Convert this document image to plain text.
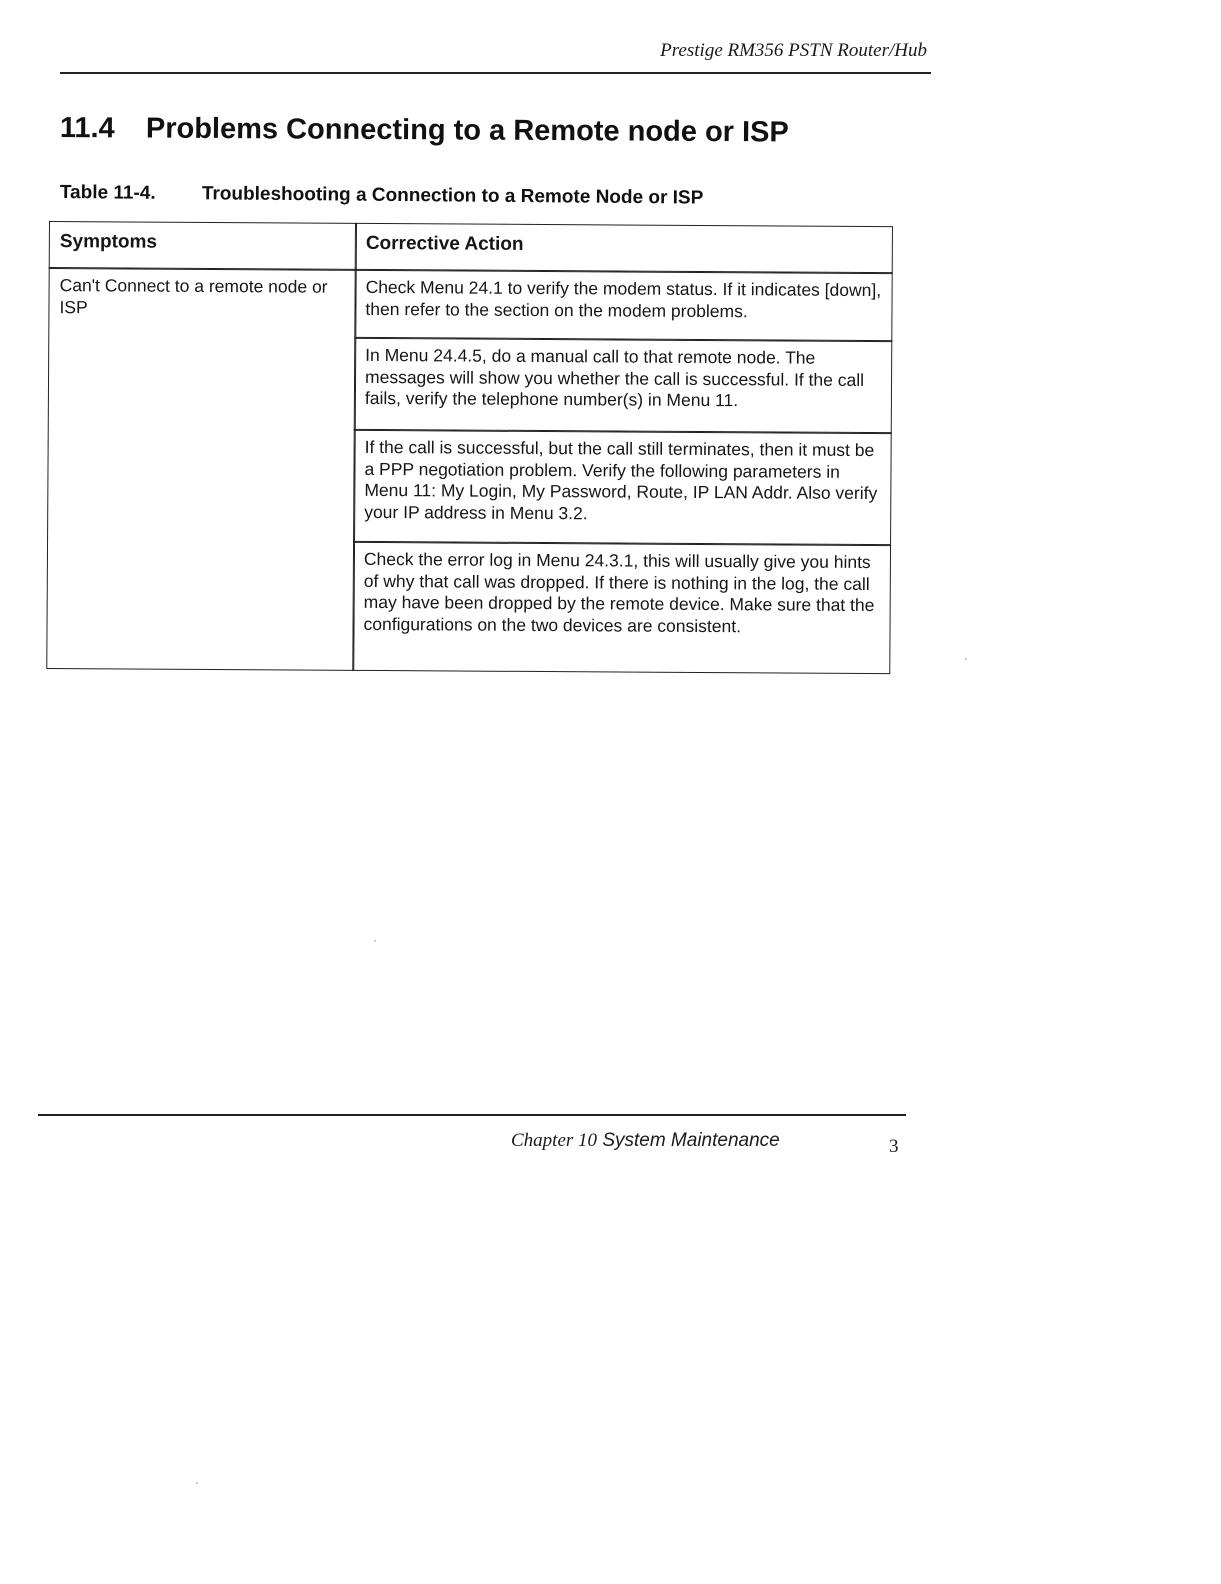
Prestige RM356 PSTN Router/Hub
11.4 Problems Connecting to a Remote node or ISP
Table 11-4. Troubleshooting a Connection to a Remote Node or ISP
Symptoms	Corrective Action
Can't Connect to a remote node or ISP
Check Menu 24.1 to verify the modem status. If it indicates [down], then refer to the section on the modem problems.
In Menu 24.4.5, do a manual call to that remote node. The messages will show you whether the call is successful. If the call fails, verify the telephone number(s) in Menu 11.
If the call is successful, but the call still terminates, then it must be a PPP negotiation problem. Verify the following parameters in Menu 11: My Login, My Password, Route, IP LAN Addr. Also verify your IP address in Menu 3.2.
Check the error log in Menu 24.3.1, this will usually give you hints of why that call was dropped. If there is nothing in the log, the call may have been dropped by the remote device. Make sure that the configurations on the two devices are consistent.
Chapter 10 System Maintenance	3
